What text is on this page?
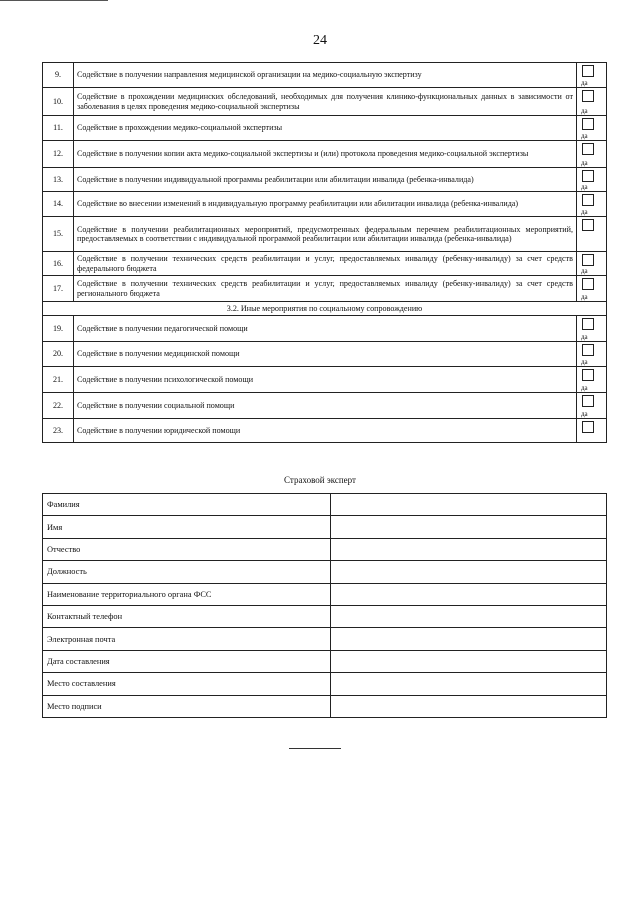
24
9.	Содействие в получении направления медицинской организации на медико-социальную экспертизу	да

10.	Содействие в прохождении медицинских обследований, необходимых для получения клинико-функциональных данных в зависимости от заболевания в целях проведения медико-социальной экспертизы	да

11.	Содействие в прохождении медико-социальной экспертизы	да

12.	Содействие в получении копии акта медико-социальной экспертизы и (или) протокола проведения медико-социальной экспертизы	да

13.	Содействие в получении индивидуальной программы реабилитации или абилитации инвалида (ребенка-инвалида)	да

14.	Содействие во внесении изменений в индивидуальную программу реабилитации или абилитации инвалида (ребенка-инвалида)	да

15.	Содействие в получении реабилитационных мероприятий, предусмотренных федеральным перечнем реабилитационных мероприятий, предоставляемых в соответствии с индивидуальной программой реабилитации или абилитации инвалида (ребенка-инвалида)	

16.	Содействие в получении технических средств реабилитации и услуг, предоставляемых инвалиду (ребенку-инвалиду) за счет средств федерального бюджета	да

17.	Содействие в получении технических средств реабилитации и услуг, предоставляемых инвалиду (ребенку-инвалиду) за счет средств регионального бюджета	да

3.2. Иные мероприятия по социальному сопровождению		
19.	Содействие в получении педагогической помощи	да

20.	Содействие в получении медицинской помощи	да

21.	Содействие в получении психологической помощи	да

22.	Содействие в получении социальной помощи	да

23.	Содействие в получении юридической помощи	
Страховой эксперт
Фамилия	
Имя	
Отчество	
Должность	
Наименование территориального органа ФСС	
Контактный телефон	
Электронная почта	
Дата составления	
Место составления	
Место подписи	
